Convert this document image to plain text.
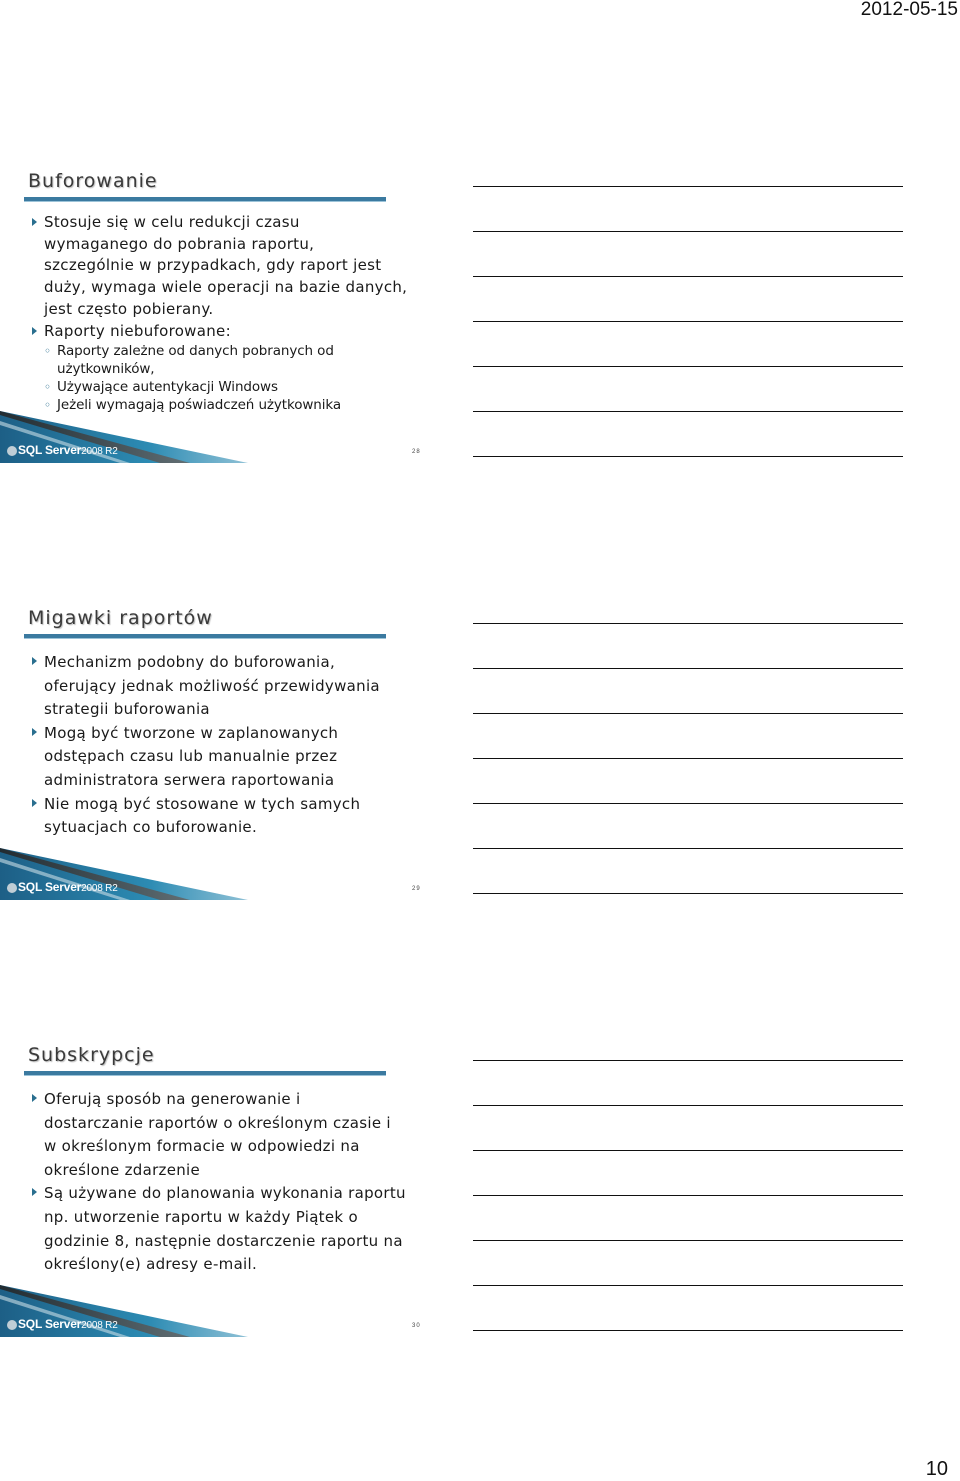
2012-05-15
Buforowanie
Stosuje się w celu redukcji czasu
wymaganego do pobrania raportu,
szczególnie w przypadkach, gdy raport jest
duży, wymaga wiele operacji na bazie danych,
jest często pobierany.
Raporty niebuforowane:
◦ Raporty zależne od danych pobranych od
użytkowników,
◦ Używające autentykacji Windows
◦ Jeżeli wymagają poświadczeń użytkownika
SQL Server2008 R2	28
Migawki raportów
Mechanizm podobny do buforowania,
oferujący jednak możliwość przewidywania
strategii buforowania
Mogą być tworzone w zaplanowanych
odstępach czasu lub manualnie przez
administratora serwera raportowania
Nie mogą być stosowane w tych samych
sytuacjach co buforowanie.
SQL Server2008 R2	29
Subskrypcje
Oferują sposób na generowanie i
dostarczanie raportów o określonym czasie i
w określonym formacie w odpowiedzi na
określone zdarzenie
Są używane do planowania wykonania raportu
np. utworzenie raportu w każdy Piątek o
godzinie 8, następnie dostarczenie raportu na
określony(e) adresy e-mail.
SQL Server2008 R2	30
10
